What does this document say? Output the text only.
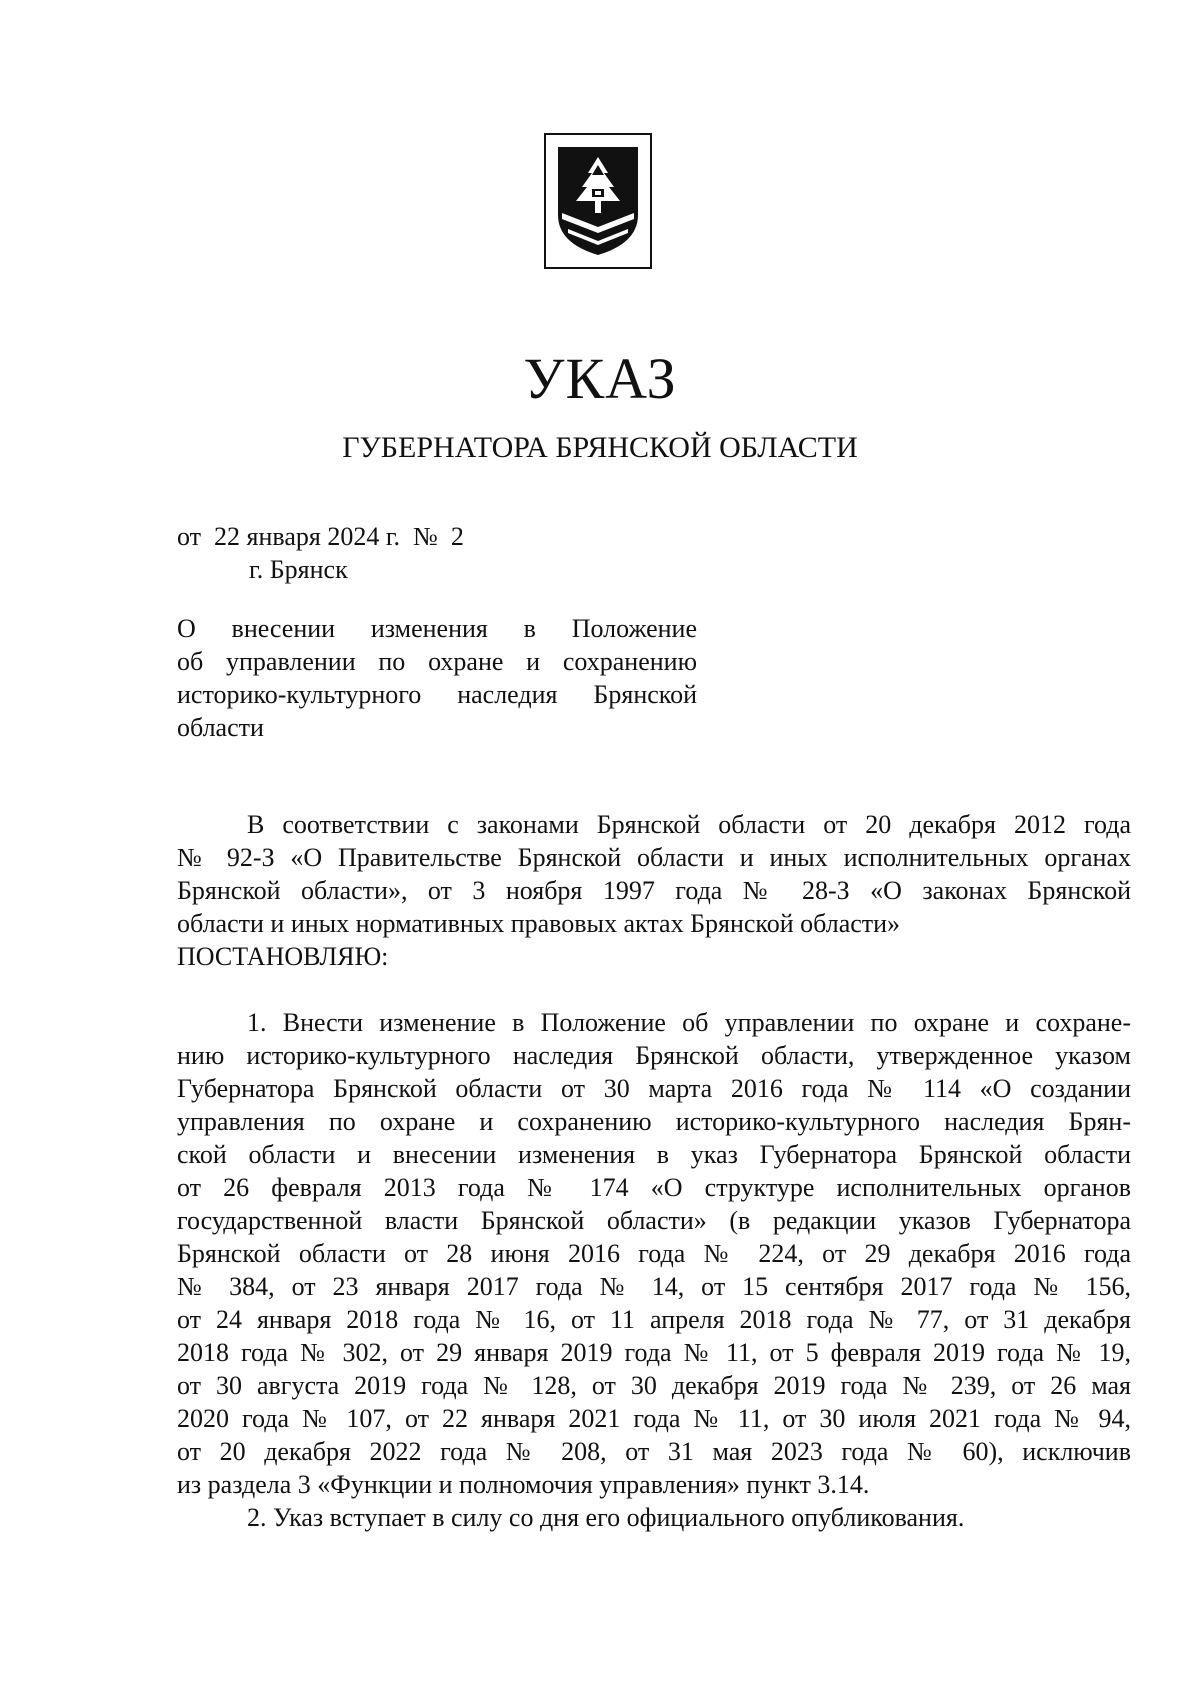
УКАЗ
ГУБЕРНАТОРА БРЯНСКОЙ ОБЛАСТИ
от  22 января 2024 г.  №  2
г. Брянск
О внесении изменения в Положение
об управлении по охране и сохранению
историко-культурного наследия Брянской
области
В соответствии с законами Брянской области от 20 декабря 2012 года
№ 92-З «О Правительстве Брянской области и иных исполнительных органах
Брянской области», от 3 ноября 1997 года № 28-З «О законах Брянской
области и иных нормативных правовых актах Брянской области»
ПОСТАНОВЛЯЮ:
1. Внести изменение в Положение об управлении по охране и сохране-
нию историко-культурного наследия Брянской области, утвержденное указом
Губернатора Брянской области от 30 марта 2016 года № 114 «О создании
управления по охране и сохранению историко-культурного наследия Брян-
ской области и внесении изменения в указ Губернатора Брянской области
от 26 февраля 2013 года № 174 «О структуре исполнительных органов
государственной власти Брянской области» (в редакции указов Губернатора
Брянской области от 28 июня 2016 года № 224, от 29 декабря 2016 года
№ 384, от 23 января 2017 года № 14, от 15 сентября 2017 года № 156,
от 24 января 2018 года № 16, от 11 апреля 2018 года № 77, от 31 декабря
2018 года № 302, от 29 января 2019 года № 11, от 5 февраля 2019 года № 19,
от 30 августа 2019 года № 128, от 30 декабря 2019 года № 239, от 26 мая
2020 года № 107, от 22 января 2021 года № 11, от 30 июля 2021 года № 94,
от 20 декабря 2022 года № 208, от 31 мая 2023 года № 60), исключив
из раздела 3 «Функции и полномочия управления» пункт 3.14.
2. Указ вступает в силу со дня его официального опубликования.
